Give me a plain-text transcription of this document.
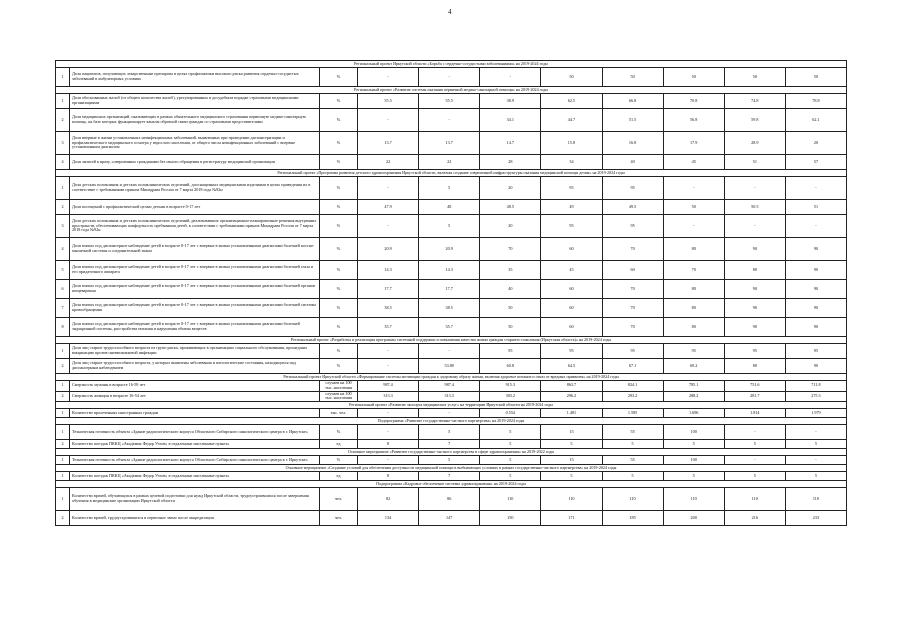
4
Региональный проект Иркутской области «Борьба с сердечно-сосудистыми заболеваниями» на 2019-2024 годы										
1	Доля пациентов, получающих лекарственные препараты в целях профилактики высокого риска развития сердечно-сосудистых заболеваний в амбулаторных условиях	%	-	-	-	50	50	50	50	50
Региональный проект «Развитие системы оказания первичной медико-санитарной помощи» на 2019-2024 годы										
1	Доля обоснованных жалоб (от общего количества жалоб), урегулированных в досудебном порядке страховыми медицинскими организациями	%	55.5	55.5	38.9	62.5	66.8	70.8	74.8	78.8
2	Доля медицинских организаций, оказывающих в рамках обязательного медицинского страхования первичную медико-санитарную помощь, на базе которых функционирует каналы обратной связи граждан со страховыми представителями	%	-	-	34.1	44.7	51.5	56.8	59.8	62.1
3	Доля впервые в жизни установленных неинфекционных заболеваний, выявленных при проведении диспансеризации и профилактического медицинского осмотра у взрослого населения, от общего числа неинфекционных заболеваний с впервые установленным диагнозом	%	13.7	13.7	14.7	15.8	16.8	17.9	28.9	20
4	Доля записей к врачу, совершенных гражданами без очного обращения в регистратуру медицинской организации	%	22	22	28	34	40	45	51	57
Региональный проект «Программа развития детского здравоохранения Иркутской области, включая создание современной инфраструктуры оказания медицинской помощи детям» на 2019-2024 годы										
1	Доля детских поликлиник и детских поликлинических отделений, дооснащенных медицинскими изделиями в целях приведения их в соответствие с требованиями приказа Минздрава России от 7 марта 2018 года №92н	%	-	5	20	95	95	-	-	-
2	Доля посещений с профилактической целью детьми в возрасте 0-17 лет	%	47.9	48	48.5	49	49.5	50	50.5	51
3	Доля детских поликлиник и детских поликлинических отделений, реализовавших организационно-планировочные решения внутренних пространств, обеспечивающих комфортность пребывания детей, в соответствии с требованиями приказа Минздрава России от 7 марта 2018 года №92н	%	-	5	20	95	95	-	-	-
4	Доля взятых под диспансерное наблюдение детей в возрасте 0-17 лет с впервые в жизни установленными диагнозами болезней костно-мышечной системы и соединительной ткани	%	20.9	20.9	70	60	70	80	90	90
5	Доля взятых под диспансерное наблюдение детей в возрасте 0-17 лет с впервые в жизни установленными диагнозами болезней глаза и его придаточного аппарата	%	14.3	14.3	35	45	60	70	80	90
6	Доля взятых под диспансерное наблюдение детей в возрасте 0-17 лет с впервые в жизни установленными диагнозами болезней органов пищеварения	%	17.7	17.7	40	60	70	80	90	90
7	Доля взятых под диспансерное наблюдение детей в возрасте 0-17 лет с впервые в жизни установленными диагнозами болезней системы кровообращения	%	38.5	38.5	50	60	70	80	90	90
8	Доля взятых под диспансерное наблюдение детей в возрасте 0-17 лет с впервые в жизни установленными диагнозами болезней эндокринной системы, расстройства питания и нарушения обмена веществ	%	35.7	35.7	50	60	70	80	90	90
Региональный проект «Разработка и реализация программы системной поддержки и повышения качества жизни граждан старшего поколения (Иркутская область)» на 2019-2024 годы										
1	Доля лиц старше трудоспособного возраста из групп риска, проживающих в организациях социального обслуживания, прошедших вакцинацию против пневмококковой инфекции	%	-	-	95	95	95	95	95	95
2	Доля лиц старше трудоспособного возраста, у которых выявлены заболевания и патологические состояния, находящихся под диспансерным наблюдением	%	-	53.80	60.8	64.5	67.1	69.2	80	90
Региональный проект Иркутской области «Формирование системы мотивации граждан к здоровому образу жизни, включая здоровое питание и отказ от вредных привычек» на 2019-2024 годы										
1	Смертность мужчин в возрасте 16-59 лет	случаев на 100 тыс. населения	987.4	987.4	915.3	863.7	824.1	785.1	751.6	711.8
2	Смертность женщин в возрасте 16-54 лет	случаев на 100 тыс. населения	313.3	313.3	303.2	296.2	293.2	288.2	281.7	275.3
Региональный проект «Развитие экспорта медицинских услуг» на территории Иркутской области на 2019-2024 годы										
1	Количество пролеченных иностранных граждан	тыс. чел.	-	-	0.554	1.481	1.585	1.696	1.814	1.979
Подпрограмма «Развитие государственно-частного партнерства» на 2019-2024 годы										
1	Техническая готовность объекта «Здание радиологического корпуса Областного Сибирского онкологического центра в г. Иркутске»	%	-	5	5	15	55	100	-	-
2	Количество поездок ПККЦ «Академик Федор Углов» в отдаленные населенные пункты	ед	8	7	5	5	5	5	5	5
Основное мероприятие «Развитие государственно-частного партнерства в сфере здравоохранения» на 2019-2022 годы										
1	Техническая готовность объекта «Здание радиологического корпуса Областного Сибирского онкологического центра в г. Иркутске»	%	-	5	5	15	55	100	-	-
Основное мероприятие «Создание условий для обеспечения доступности медицинской помощи в выбывающих условиях в рамках государственно-частного партнерства» на 2019-2024 годы										
1	Количество поездок ПККЦ «Академик Федор Углов» в отдаленные населенные пункты	ед	8	7	5	5	5	5	5	5
Подпрограмма «Кадровое обеспечение системы здравоохранения» на 2019-2024 годы										
1	Количество врачей, обучающихся в рамках целевой подготовки для нужд Иркутской области, трудоустроившихся после завершения обучения в медицинские организации Иркутской области	чел.	82	86	110	110	110	110	110	110
2	Количество врачей, трудоустроившихся в первичное звено после аккредитации	чел.	134	147	150	171	185	200	216	233
